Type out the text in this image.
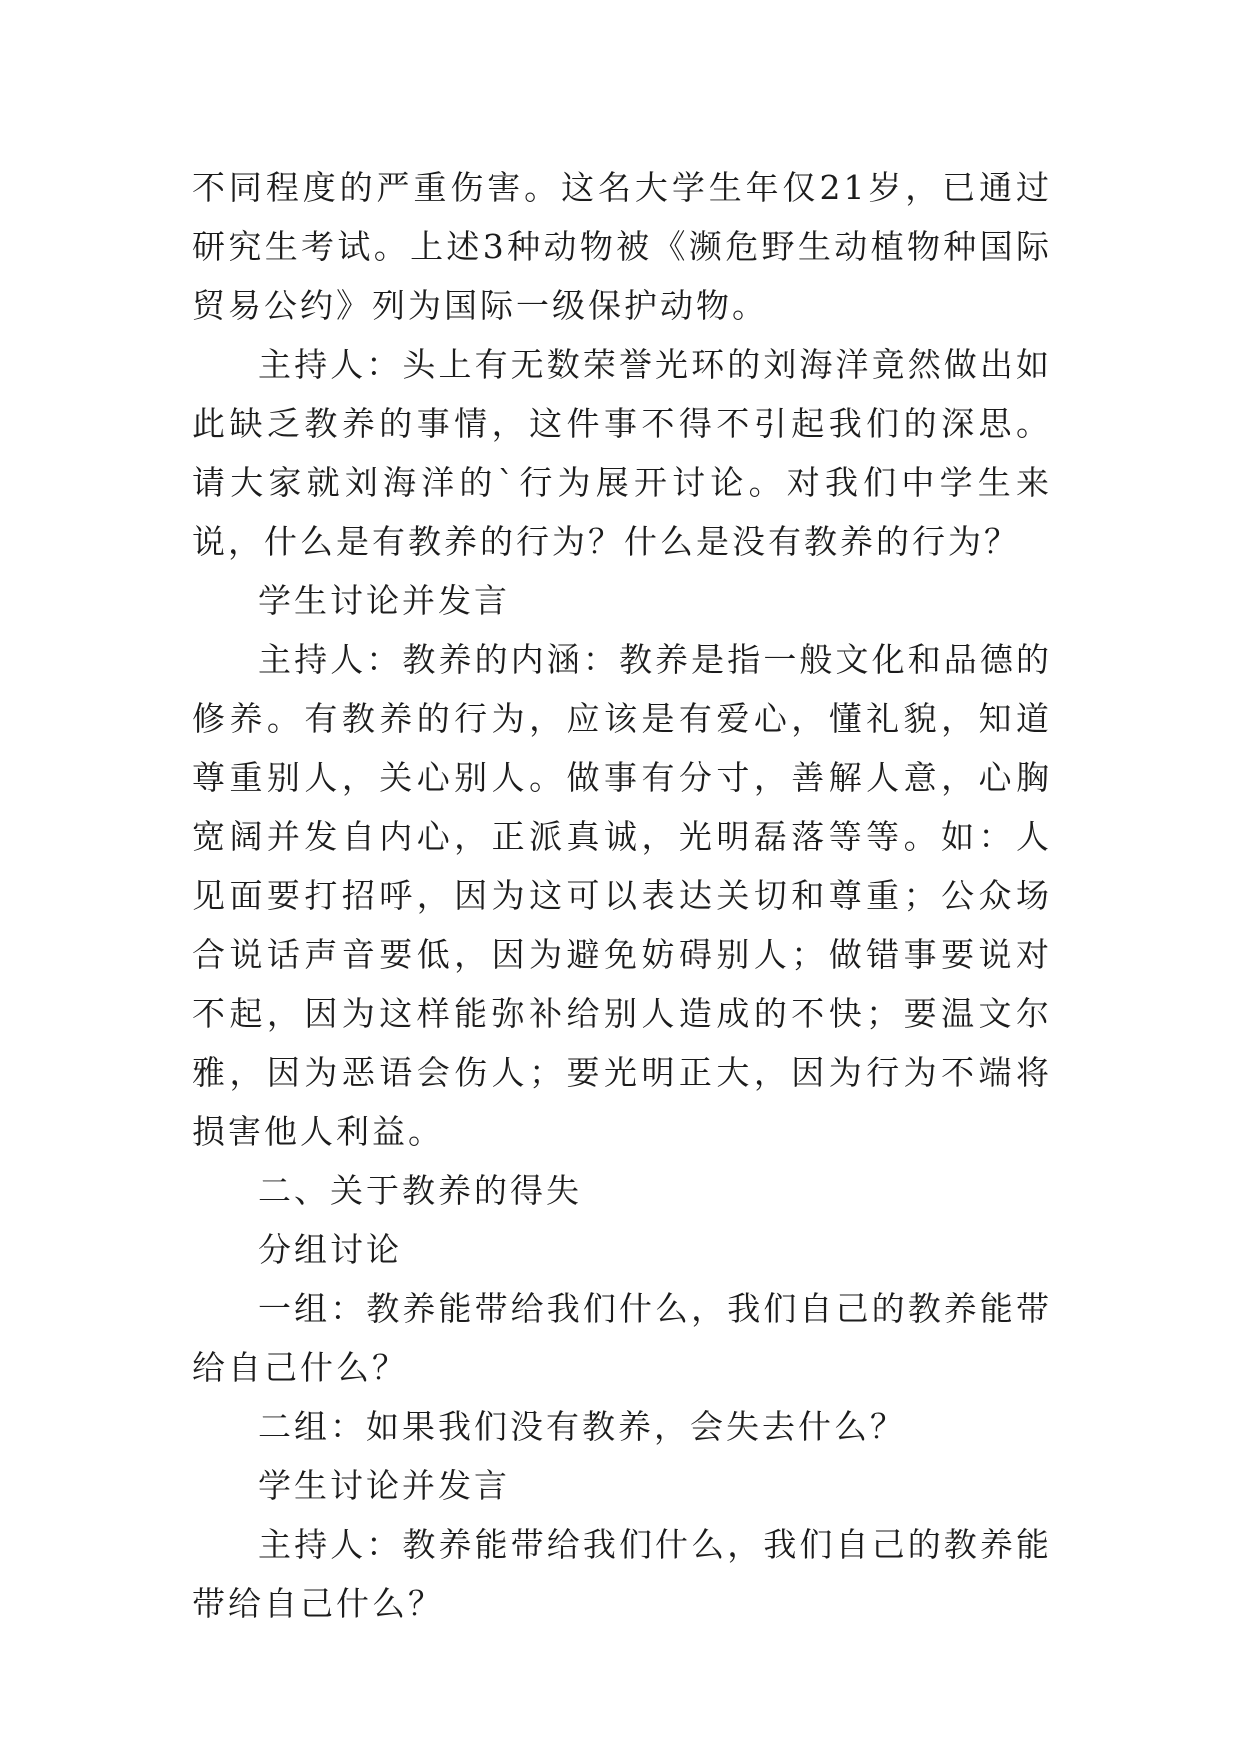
不同程度的严重伤害。这名大学生年仅21岁，已通过研究生考试。上述3种动物被《濒危野生动植物种国际贸易公约》列为国际一级保护动物。

主持人：头上有无数荣誉光环的刘海洋竟然做出如此缺乏教养的事情，这件事不得不引起我们的深思。请大家就刘海洋的`行为展开讨论。对我们中学生来说，什么是有教养的行为？什么是没有教养的行为？

学生讨论并发言

主持人：教养的内涵：教养是指一般文化和品德的修养。有教养的行为，应该是有爱心，懂礼貌，知道尊重别人，关心别人。做事有分寸，善解人意，心胸宽阔并发自内心，正派真诚，光明磊落等等。如：人见面要打招呼，因为这可以表达关切和尊重；公众场合说话声音要低，因为避免妨碍别人；做错事要说对不起，因为这样能弥补给别人造成的不快；要温文尔雅，因为恶语会伤人；要光明正大，因为行为不端将损害他人利益。

二、关于教养的得失

分组讨论

一组：教养能带给我们什么，我们自己的教养能带给自己什么？

二组：如果我们没有教养，会失去什么？

学生讨论并发言

主持人：教养能带给我们什么，我们自己的教养能带给自己什么？
